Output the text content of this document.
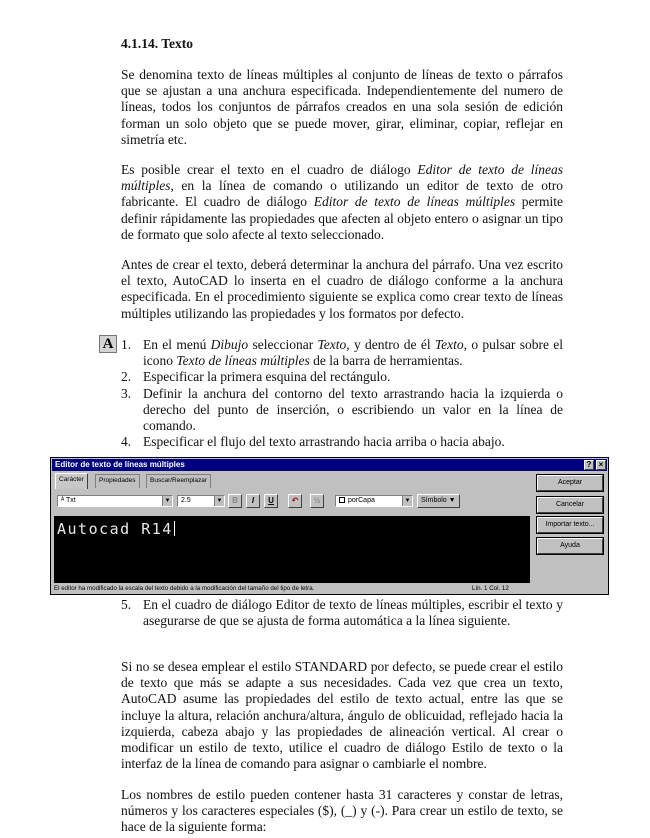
4.1.14. Texto

Se denomina texto de líneas múltiples al conjunto de líneas de texto o párrafos que se ajustan a una anchura especificada. Independientemente del numero de líneas, todos los conjuntos de párrafos creados en una sola sesión de edición forman un solo objeto que se puede mover, girar, eliminar, copiar, reflejar en simetría etc.

Es posible crear el texto en el cuadro de diálogo Editor de texto de líneas múltiples, en la línea de comando o utilizando un editor de texto de otro fabricante. El cuadro de diálogo Editor de texto de líneas múltiples permite definir rápidamente las propiedades que afecten al objeto entero o asignar un tipo de formato que solo afecte al texto seleccionado.

Antes de crear el texto, deberá determinar la anchura del párrafo. Una vez escrito el texto, AutoCAD lo inserta en el cuadro de diálogo conforme a la anchura especificada. En el procedimiento siguiente se explica como crear texto de líneas múltiples utilizando las propiedades y los formatos por defecto.

A 1. En el menú Dibujo seleccionar Texto, y dentro de él Texto, o pulsar sobre el icono Texto de líneas múltiples de la barra de herramientas.
2. Especificar la primera esquina del rectángulo.
3. Definir la anchura del contorno del texto arrastrando hacia la izquierda o derecho del punto de inserción, o escribiendo un valor en la línea de comando.
4. Especificar el flujo del texto arrastrando hacia arriba o hacia abajo.
Editor de texto de líneas múltiples	? ×
Carácter	Propiedades	Buscar/Reemplazar
ᴬ Txt	▼	2.5	▼	B	I	U	↶	½	porCapa	▼	Símbolo ▼
Autocad R14
El editor ha modificado la escala del texto debido a la modificación del tamaño del tipo de letra.	Lín. 1 Col. 12
Aceptar
Cancelar
Importar texto...
Ayuda
5. En el cuadro de diálogo Editor de texto de líneas múltiples, escribir el texto y asegurarse de que se ajusta de forma automática a la línea siguiente.

Si no se desea emplear el estilo STANDARD por defecto, se puede crear el estilo de texto que más se adapte a sus necesidades. Cada vez que crea un texto, AutoCAD asume las propiedades del estilo de texto actual, entre las que se incluye la altura, relación anchura/altura, ángulo de oblicuidad, reflejado hacia la izquierda, cabeza abajo y las propiedades de alineación vertical. Al crear o modificar un estilo de texto, utilice el cuadro de diálogo Estilo de texto o la interfaz de la línea de comando para asignar o cambiarle el nombre.

Los nombres de estilo pueden contener hasta 31 caracteres y constar de letras, números y los caracteres especiales ($), (_) y (-). Para crear un estilo de texto, se hace de la siguiente forma:
